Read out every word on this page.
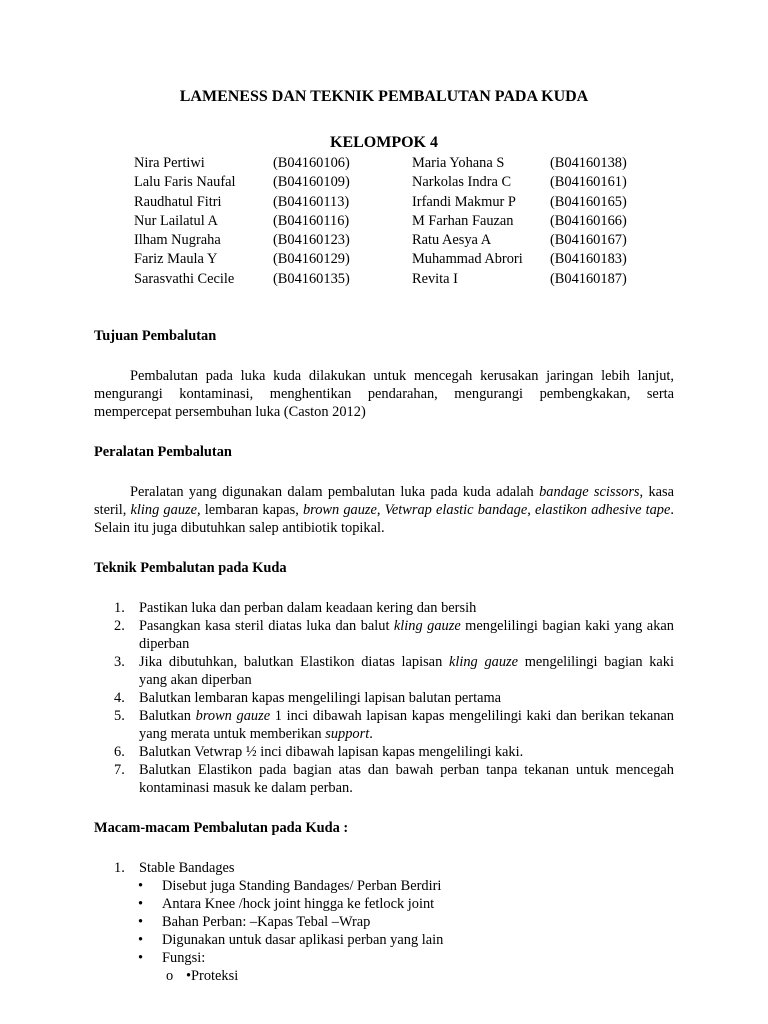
LAMENESS DAN TEKNIK PEMBALUTAN PADA KUDA
KELOMPOK 4
Nira Pertiwi	(B04160106)	Maria Yohana S	(B04160138)
Lalu Faris Naufal	(B04160109)	Narkolas Indra C	(B04160161)
Raudhatul Fitri	(B04160113)	Irfandi Makmur P (B04160165)
Nur Lailatul A	(B04160116)	M Farhan Fauzan	(B04160166)
Ilham Nugraha	(B04160123)	Ratu Aesya A	(B04160167)
Fariz Maula Y	(B04160129)	Muhammad Abrori (B04160183)
Sarasvathi Cecile	(B04160135)	Revita I	(B04160187)
Tujuan Pembalutan

Pembalutan pada luka kuda dilakukan untuk mencegah kerusakan jaringan lebih lanjut, mengurangi kontaminasi, menghentikan pendarahan, mengurangi pembengkakan, serta mempercepat persembuhan luka (Caston 2012)

Peralatan Pembalutan

Peralatan yang digunakan dalam pembalutan luka pada kuda adalah bandage scissors, kasa steril, kling gauze, lembaran kapas, brown gauze, Vetwrap elastic bandage, elastikon adhesive tape. Selain itu juga dibutuhkan salep antibiotik topikal.

Teknik Pembalutan pada Kuda
1. Pastikan luka dan perban dalam keadaan kering dan bersih
2. Pasangkan kasa steril diatas luka dan balut kling gauze mengelilingi bagian kaki yang akan diperban
3. Jika dibutuhkan, balutkan Elastikon diatas lapisan kling gauze mengelilingi bagian kaki yang akan diperban
4. Balutkan lembaran kapas mengelilingi lapisan balutan pertama
5. Balutkan brown gauze 1 inci dibawah lapisan kapas mengelilingi kaki dan berikan tekanan yang merata untuk memberikan support.
6. Balutkan Vetwrap ½ inci dibawah lapisan kapas mengelilingi kaki.
7. Balutkan Elastikon pada bagian atas dan bawah perban tanpa tekanan untuk mencegah kontaminasi masuk ke dalam perban.
Macam-macam Pembalutan pada Kuda :
1. Stable Bandages
• Disebut juga Standing Bandages/ Perban Berdiri
• Antara Knee /hock joint hingga ke fetlock joint
• Bahan Perban: –Kapas Tebal –Wrap
• Digunakan untuk dasar aplikasi perban yang lain
• Fungsi:
o •Proteksi
